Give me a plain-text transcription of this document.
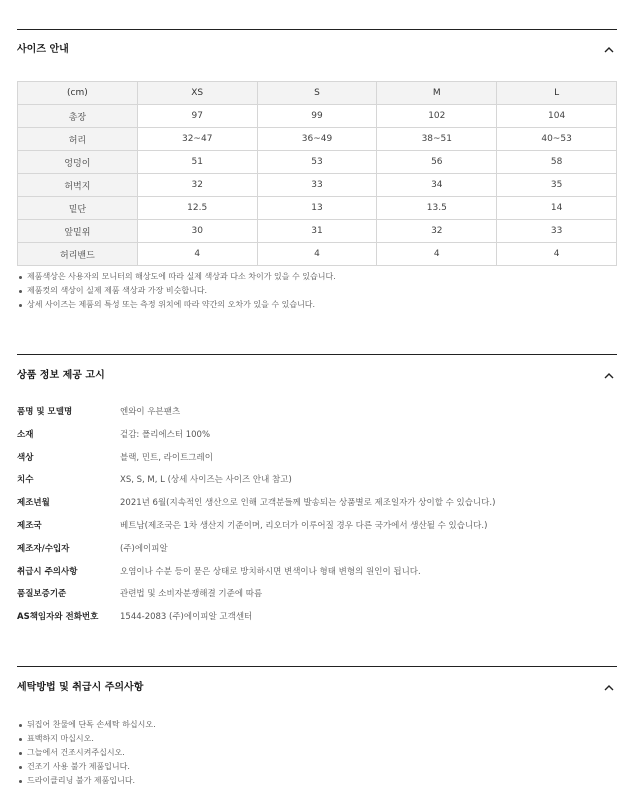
사이즈 안내
(cm)	XS	S	M	L
총장	97	99	102	104
허리	32~47	36~49	38~51	40~53
엉덩이	51	53	56	58
허벅지	32	33	34	35
밑단	12.5	13	13.5	14
앞밑위	30	31	32	33
허리밴드	4	4	4	4
제품색상은 사용자의 모니터의 해상도에 따라 실제 색상과 다소 차이가 있을 수 있습니다.
제품컷의 색상이 실제 제품 색상과 가장 비슷합니다.
상세 사이즈는 제품의 특성 또는 측정 위치에 따라 약간의 오차가 있을 수 있습니다.
상품 정보 제공 고시
품명 및 모델명	엔와이 우븐팬츠
소재	겉감: 폴리에스터 100%
색상	블랙, 민트, 라이트그레이
치수	XS, S, M, L (상세 사이즈는 사이즈 안내 참고)
제조년월	2021년 6월(지속적인 생산으로 인해 고객분들께 발송되는 상품별로 제조일자가 상이할 수 있습니다.)
제조국	베트남(제조국은 1차 생산지 기준이며, 리오더가 이루어질 경우 다른 국가에서 생산될 수 있습니다.)
제조자/수입자	(주)에이피알
취급시 주의사항	오염이나 수분 등이 묻은 상태로 방치하시면 변색이나 형태 변형의 원인이 됩니다.
품질보증기준	관련법 및 소비자분쟁해결 기준에 따름
AS책임자와 전화번호	1544-2083 (주)에이피알 고객센터
세탁방법 및 취급시 주의사항
뒤집어 찬물에 단독 손세탁 하십시오.
표백하지 마십시오.
그늘에서 건조시켜주십시오.
건조기 사용 불가 제품입니다.
드라이클리닝 불가 제품입니다.
